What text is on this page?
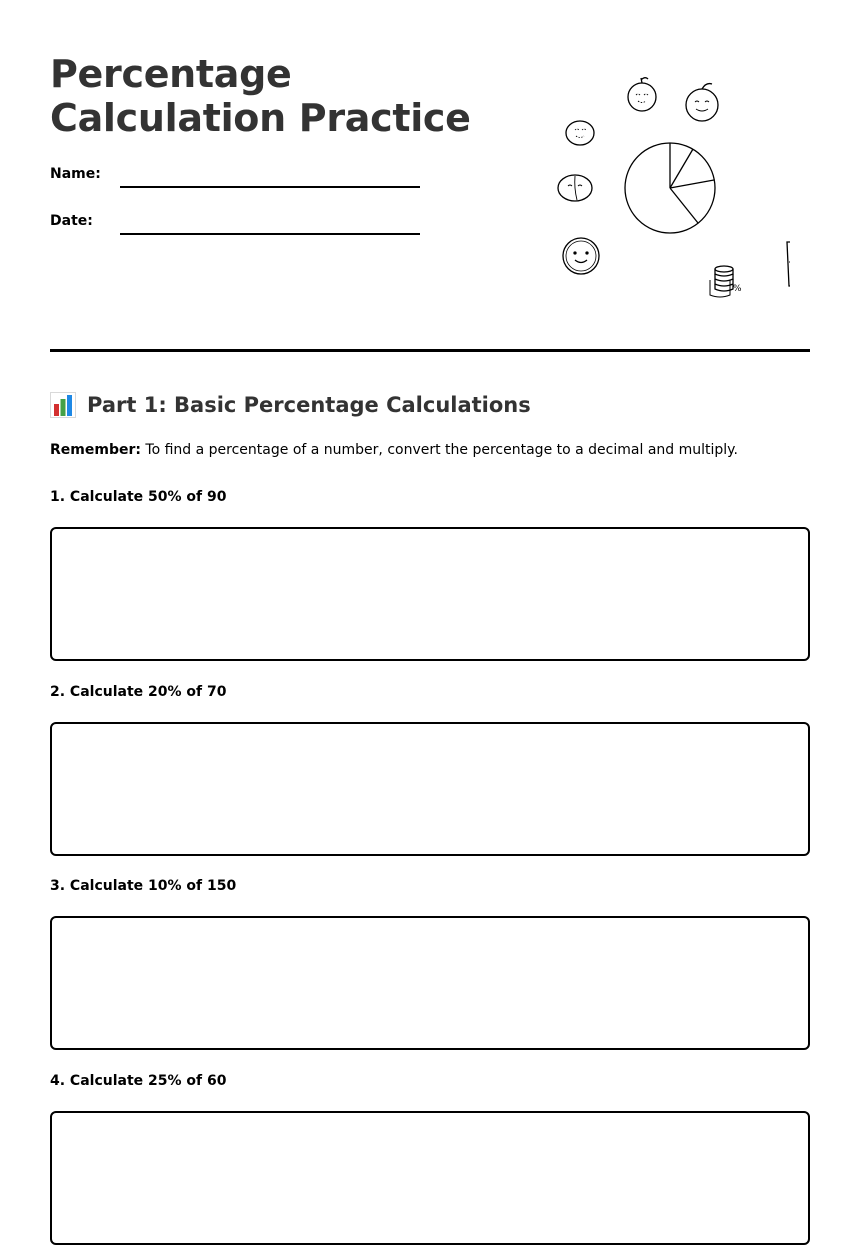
Percentage Calculation Practice
Name:
Date:
%
Part 1: Basic Percentage Calculations
Remember: To find a percentage of a number, convert the percentage to a decimal and multiply.
1. Calculate 50% of 90
2. Calculate 20% of 70
3. Calculate 10% of 150
4. Calculate 25% of 60
